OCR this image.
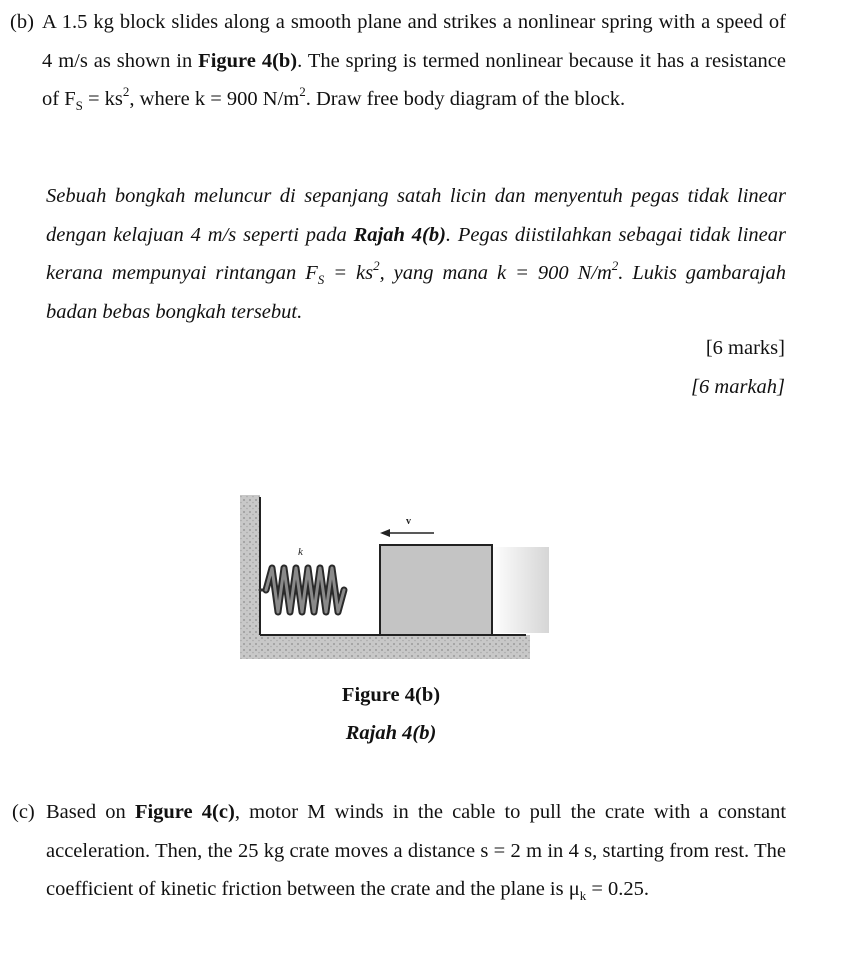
(b) A 1.5 kg block slides along a smooth plane and strikes a nonlinear spring with a speed of 4 m/s as shown in Figure 4(b). The spring is termed nonlinear because it has a resistance of $F_S = ks^2$, where k = 900 $N/m^2$. Draw free body diagram of the block.

Sebuah bongkah meluncur di sepanjang satah licin dan menyentuh pegas tidak linear dengan kelajuan 4 m/s seperti pada Rajah 4(b). Pegas diistilahkan sebagai tidak linear kerana mempunyai rintangan $F_S = ks^2$, yang mana k = 900 $N/m^2$. Lukis gambarajah badan bebas bongkah tersebut.

[6 marks]
[6 markah]
k
v
Figure 4(b)
Rajah 4(b)
(c) Based on Figure 4(c), motor M winds in the cable to pull the crate with a constant acceleration. Then, the 25 kg crate moves a distance s = 2 m in 4 s, starting from rest. The coefficient of kinetic friction between the crate and the plane is $\mu_k = 0.25$.
